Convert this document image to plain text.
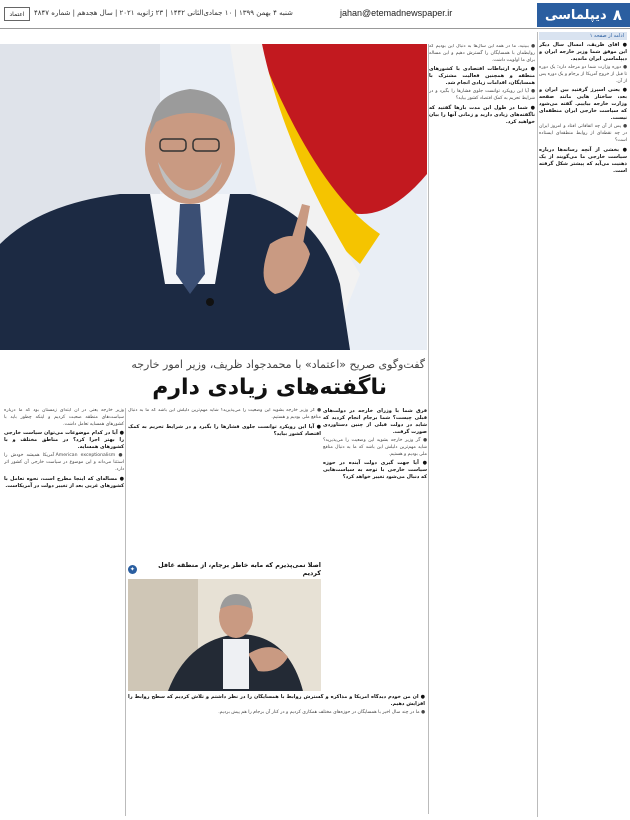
۸
دیپلماسی
jahan@etemadnewspaper.ir
شنبه ۴ بهمن ۱۳۹۹ | ۱۰ جمادی‌الثانی ۱۴۴۲ | ۲۳ ژانویه ۲۰۲۱ | سال هجدهم | شماره ۴۸۴۷
اعتماد
ادامه از صفحه ۱

● آقای ظریف، امسال سال دیگر این موفق شما وزیر خارجه ایران و دیپلماسی ایران ماندید.

● دوره وزارت شما دو مرحله دارد؛ یک دوره تا قبل از خروج آمریکا از برجام و یک دوره پس از آن.

● یعنی اسپرژ گرفتید بین ایران و بعد، ساختار هایی مانند صفحه وزارت خارجه بیاییم. گفته می‌شود که سیاست خارجی ایران منطقه‌ای نیست.

● پس از آن چه اتفاقاتی افتاد و امروز ایران در چه نقطه‌ای از روابط منطقه‌ای ایستاده است؟

● بخشی از آنچه رسانه‌ها درباره سیاست خارجی ما می‌گویند از یک ذهنیت می‌آید که پیشتر شکل گرفته است.

● ببینید، ما در همه این سال‌ها به دنبال این بودیم که روابطمان با همسایگان را گسترش دهیم و این مساله برای ما اولویت داشت.

● درباره ارتباطات اقتصادی با کشورهای منطقه و همچنین فعالیت مشترک با همسایگان، اقدامات زیادی انجام شد.

● آیا این رویکرد توانست جلوی فشارها را بگیرد و در شرایط تحریم به کمک اقتصاد کشور بیاید؟

● شما در طول این مدت بارها گفتید که ناگفته‌های زیادی دارید و زمانی آنها را بیان خواهید کرد.

گفت‌وگوی صریح «اعتماد» با محمدجواد ظریف، وزیر امور خارجه
ناگفته‌های زیادی دارم

فرق شما با وزرای خارجه در دولت‌های قبلی چیست؟ شما برجام انجام کردید که شاید در دولت قبلی از چنین دستاوردی صورت گرفت.

● گر وزیر خارجه بشوید این وضعیت را می‌پذیرید؟ شاید مهم‌ترین دلیلش این باشد که ما به دنبال منافع ملی بودیم و هستیم.

● آیا جهت گیری دولت آینده در حوزه سیاست خارجی با توجه به سیاست‌هایی که دنبال می‌شود تغییر خواهد کرد؟

وزیر خارجه یعنی در آن ابتدای زمستان بود که ما درباره سیاست‌های منطقه صحبت کردیم و اینکه چطور باید با کشورهای همسایه تعامل داشت.

● آیا در کدام موضوعات می‌توان سیاست خارجی را بهتر اجرا کرد؟ در مناطق مختلف و با کشورهای همسایه.

● American exceptionalism آمریکا همیشه خودش را استثنا می‌داند و این موضوع در سیاست خارجی آن کشور اثر دارد.

● مساله‌ای که اینجا مطرح است، نحوه تعامل با کشورهای غربی بعد از تغییر دولت در آمریکاست.

● گر وزیر خارجه بشوید این وضعیت را می‌پذیرید؟ شاید مهم‌ترین دلیلش این باشد که ما به دنبال منافع ملی بودیم و هستیم.

● آیا این رویکرد توانست جلوی فشارها را بگیرد و در شرایط تحریم به کمک اقتصاد کشور بیاید؟

اصلا نمی‌پذیرم که مابه خاطر برجام، از منطقه غافل کردیم
✦

● آن من خودم دیدگاه آمریکا و مذاکره و گسترش روابط با همسایگان را در نظر داشتم و تلاش کردیم که سطح روابط را افزایش دهیم.

● ما در چند سال اخیر با همسایگان در حوزه‌های مختلف همکاری کردیم و در کنار آن برجام را هم پیش بردیم.
